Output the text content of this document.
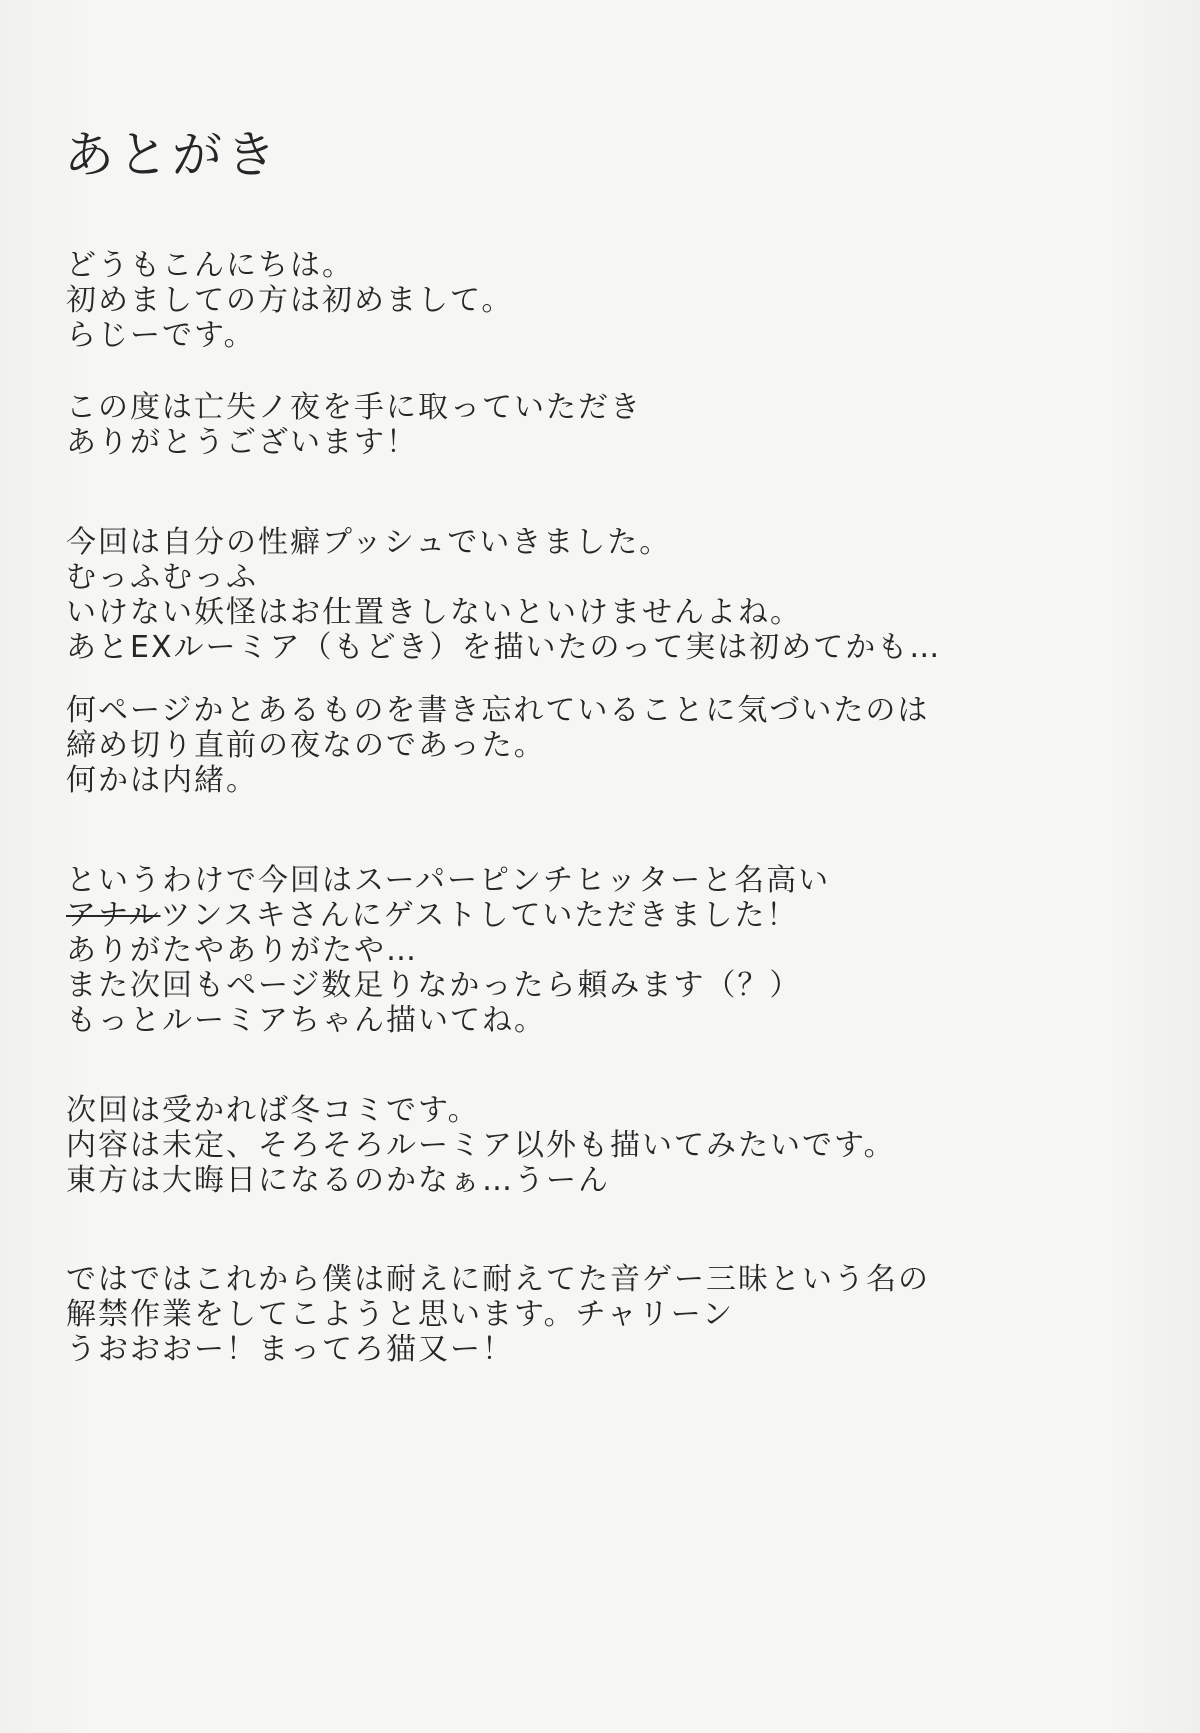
あとがき
どうもこんにちは。
初めましての方は初めまして。
らじーです。
この度は亡失ノ夜を手に取っていただき
ありがとうございます！
今回は自分の性癖プッシュでいきました。
むっふむっふ
いけない妖怪はお仕置きしないといけませんよね。
あとEXルーミア（もどき）を描いたのって実は初めてかも…
何ページかとあるものを書き忘れていることに気づいたのは
締め切り直前の夜なのであった。
何かは内緒。
というわけで今回はスーパーピンチヒッターと名高い
アナルツンスキさんにゲストしていただきました！
ありがたやありがたや…
また次回もページ数足りなかったら頼みます（？）
もっとルーミアちゃん描いてね。
次回は受かれば冬コミです。
内容は未定、そろそろルーミア以外も描いてみたいです。
東方は大晦日になるのかなぁ…うーん
ではではこれから僕は耐えに耐えてた音ゲー三昧という名の
解禁作業をしてこようと思います。チャリーン
うおおおー！まってろ猫又ー！
